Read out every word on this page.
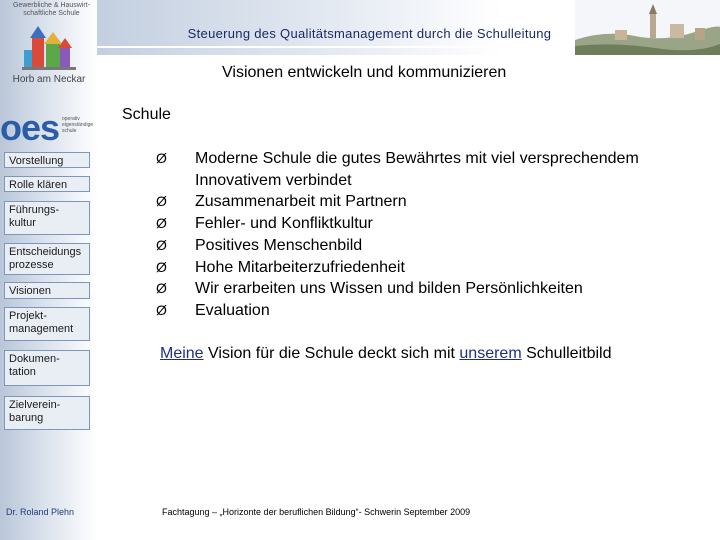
Gewerbliche & Hauswirt-schaftliche Schule
Horb am Neckar
oes operativ eigenständige schule
Vorstellung
Rolle klären
Führungs- kultur
Entscheidungs prozesse
Visionen
Projekt- management
Dokumen- tation
Zielverein- barung
Dr. Roland Plehn
Steuerung des Qualitätsmanagement durch die Schulleitung
Visionen entwickeln und kommunizieren
Schule
Ø Moderne Schule die gutes Bewährtes mit viel versprechendem Innovativem verbindet
Ø Zusammenarbeit mit Partnern
Ø Fehler- und Konfliktkultur
Ø Positives Menschenbild
Ø Hohe Mitarbeiterzufriedenheit
Ø Wir erarbeiten uns Wissen und bilden Persönlichkeiten
Ø Evaluation
Meine Vision für die Schule deckt sich mit unserem Schulleitbild
Fachtagung – „Horizonte der beruflichen Bildung“- Schwerin September 2009
